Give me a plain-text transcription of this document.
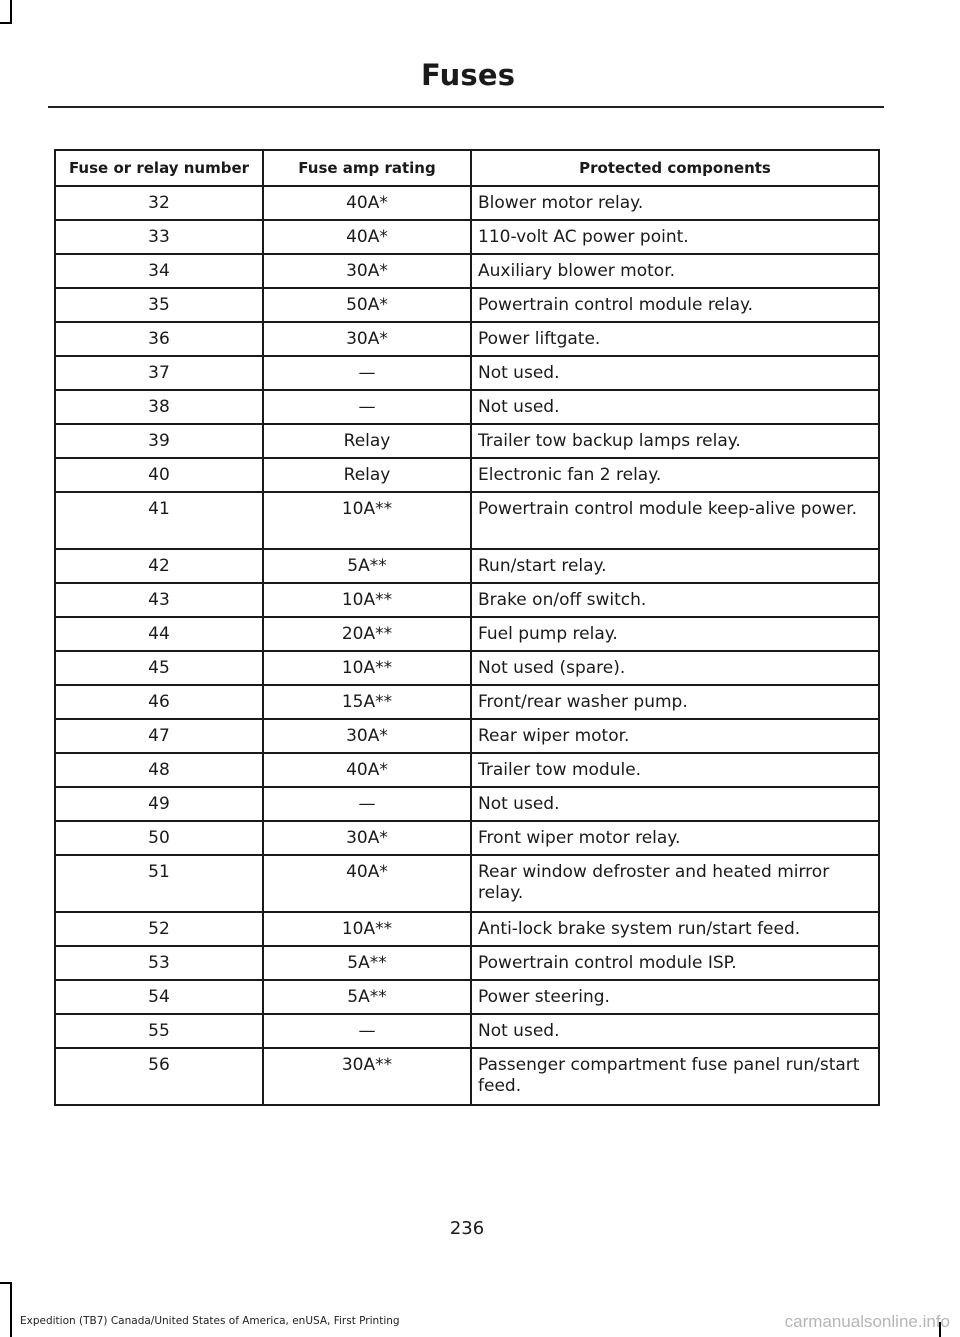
Fuses
Fuse or relay number	Fuse amp rating	Protected components
32	40A*	Blower motor relay.
33	40A*	110-volt AC power point.
34	30A*	Auxiliary blower motor.
35	50A*	Powertrain control module relay.
36	30A*	Power liftgate.
37	—	Not used.
38	—	Not used.
39	Relay	Trailer tow backup lamps relay.
40	Relay	Electronic fan 2 relay.
41	10A**	Powertrain control module keep-alive power.
42	5A**	Run/start relay.
43	10A**	Brake on/off switch.
44	20A**	Fuel pump relay.
45	10A**	Not used (spare).
46	15A**	Front/rear washer pump.
47	30A*	Rear wiper motor.
48	40A*	Trailer tow module.
49	—	Not used.
50	30A*	Front wiper motor relay.
51	40A*	Rear window defroster and heated mirror relay.
52	10A**	Anti-lock brake system run/start feed.
53	5A**	Powertrain control module ISP.
54	5A**	Power steering.
55	—	Not used.
56	30A**	Passenger compartment fuse panel run/start feed.
236
Expedition (TB7) Canada/United States of America, enUSA, First Printing	carmanualsonline.info
